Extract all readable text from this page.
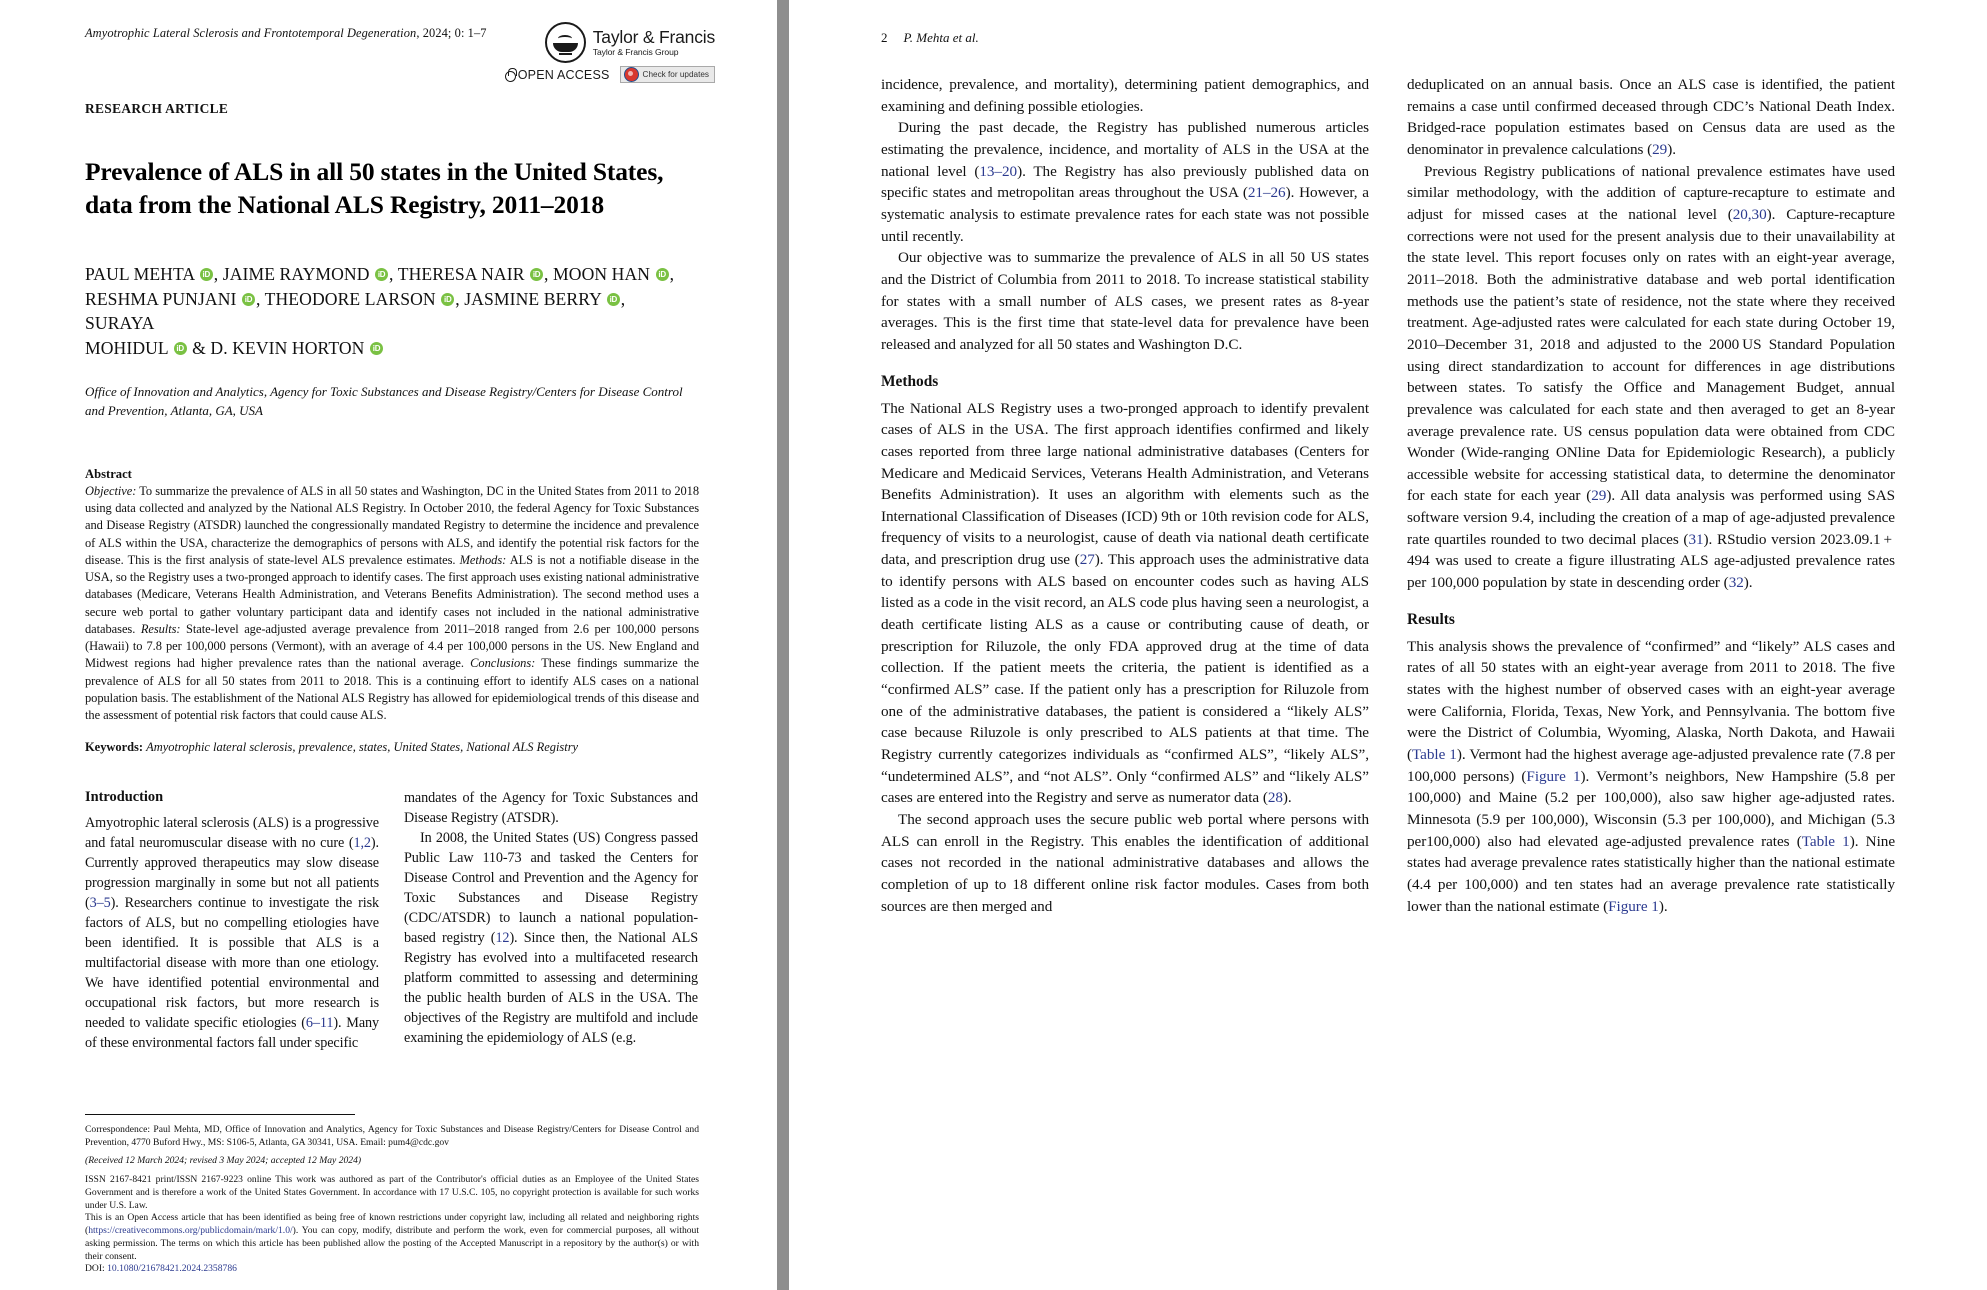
Amyotrophic Lateral Sclerosis and Frontotemporal Degeneration, 2024; 0: 1–7	Taylor & Francis
Taylor & Francis Group
OPEN ACCESS	Check for updates
RESEARCH ARTICLE
Prevalence of ALS in all 50 states in the United States, data from the National ALS Registry, 2011–2018
PAUL MEHTA iD, JAIME RAYMOND iD, THERESA NAIR iD, MOON HAN iD,
RESHMA PUNJANI iD, THEODORE LARSON iD, JASMINE BERRY iD, SURAYA
MOHIDUL iD & D. KEVIN HORTON iD
Office of Innovation and Analytics, Agency for Toxic Substances and Disease Registry/Centers for Disease Control and Prevention, Atlanta, GA, USA
Abstract
Objective: To summarize the prevalence of ALS in all 50 states and Washington, DC in the United States from 2011 to 2018 using data collected and analyzed by the National ALS Registry. In October 2010, the federal Agency for Toxic Substances and Disease Registry (ATSDR) launched the congressionally mandated Registry to determine the incidence and prevalence of ALS within the USA, characterize the demographics of persons with ALS, and identify the potential risk factors for the disease. This is the first analysis of state-level ALS prevalence estimates. Methods: ALS is not a notifiable disease in the USA, so the Registry uses a two-pronged approach to identify cases. The first approach uses existing national administrative databases (Medicare, Veterans Health Administration, and Veterans Benefits Administration). The second method uses a secure web portal to gather voluntary participant data and identify cases not included in the national administrative databases. Results: State-level age-adjusted average prevalence from 2011–2018 ranged from 2.6 per 100,000 persons (Hawaii) to 7.8 per 100,000 persons (Vermont), with an average of 4.4 per 100,000 persons in the US. New England and Midwest regions had higher prevalence rates than the national average. Conclusions: These findings summarize the prevalence of ALS for all 50 states from 2011 to 2018. This is a continuing effort to identify ALS cases on a national population basis. The establishment of the National ALS Registry has allowed for epidemiological trends of this disease and the assessment of potential risk factors that could cause ALS.
Keywords: Amyotrophic lateral sclerosis, prevalence, states, United States, National ALS Registry
Introduction

Amyotrophic lateral sclerosis (ALS) is a progressive and fatal neuromuscular disease with no cure (1,2). Currently approved therapeutics may slow disease progression marginally in some but not all patients (3–5). Researchers continue to investigate the risk factors of ALS, but no compelling etiologies have been identified. It is possible that ALS is a multifactorial disease with more than one etiology. We have identified potential environmental and occupational risk factors, but more research is needed to validate specific etiologies (6–11). Many of these environmental factors fall under specific

mandates of the Agency for Toxic Substances and Disease Registry (ATSDR).

In 2008, the United States (US) Congress passed Public Law 110-73 and tasked the Centers for Disease Control and Prevention and the Agency for Toxic Substances and Disease Registry (CDC/ATSDR) to launch a national population-based registry (12). Since then, the National ALS Registry has evolved into a multifaceted research platform committed to assessing and determining the public health burden of ALS in the USA. The objectives of the Registry are multifold and include examining the epidemiology of ALS (e.g.

Correspondence: Paul Mehta, MD, Office of Innovation and Analytics, Agency for Toxic Substances and Disease Registry/Centers for Disease Control and Prevention, 4770 Buford Hwy., MS: S106-5, Atlanta, GA 30341, USA. Email: pum4@cdc.gov

(Received 12 March 2024; revised 3 May 2024; accepted 12 May 2024)

ISSN 2167-8421 print/ISSN 2167-9223 online This work was authored as part of the Contributor's official duties as an Employee of the United States Government and is therefore a work of the United States Government. In accordance with 17 U.S.C. 105, no copyright protection is available for such works under U.S. Law.

This is an Open Access article that has been identified as being free of known restrictions under copyright law, including all related and neighboring rights (https://creativecommons.org/publicdomain/mark/1.0/). You can copy, modify, distribute and perform the work, even for commercial purposes, all without asking permission. The terms on which this article has been published allow the posting of the Accepted Manuscript in a repository by the author(s) or with their consent.

DOI: 10.1080/21678421.2024.2358786

2 P. Mehta et al.

incidence, prevalence, and mortality), determining patient demographics, and examining and defining possible etiologies.

During the past decade, the Registry has published numerous articles estimating the prevalence, incidence, and mortality of ALS in the USA at the national level (13–20). The Registry has also previously published data on specific states and metropolitan areas throughout the USA (21–26). However, a systematic analysis to estimate prevalence rates for each state was not possible until recently.

Our objective was to summarize the prevalence of ALS in all 50 US states and the District of Columbia from 2011 to 2018. To increase statistical stability for states with a small number of ALS cases, we present rates as 8-year averages. This is the first time that state-level data for prevalence have been released and analyzed for all 50 states and Washington D.C.

Methods

The National ALS Registry uses a two-pronged approach to identify prevalent cases of ALS in the USA. The first approach identifies confirmed and likely cases reported from three large national administrative databases (Centers for Medicare and Medicaid Services, Veterans Health Administration, and Veterans Benefits Administration). It uses an algorithm with elements such as the International Classification of Diseases (ICD) 9th or 10th revision code for ALS, frequency of visits to a neurologist, cause of death via national death certificate data, and prescription drug use (27). This approach uses the administrative data to identify persons with ALS based on encounter codes such as having ALS listed as a code in the visit record, an ALS code plus having seen a neurologist, a death certificate listing ALS as a cause or contributing cause of death, or prescription for Riluzole, the only FDA approved drug at the time of data collection. If the patient meets the criteria, the patient is identified as a “confirmed ALS” case. If the patient only has a prescription for Riluzole from one of the administrative databases, the patient is considered a “likely ALS” case because Riluzole is only prescribed to ALS patients at that time. The Registry currently categorizes individuals as “confirmed ALS”, “likely ALS”, “undetermined ALS”, and “not ALS”. Only “confirmed ALS” and “likely ALS” cases are entered into the Registry and serve as numerator data (28).

The second approach uses the secure public web portal where persons with ALS can enroll in the Registry. This enables the identification of additional cases not recorded in the national administrative databases and allows the completion of up to 18 different online risk factor modules. Cases from both sources are then merged and

deduplicated on an annual basis. Once an ALS case is identified, the patient remains a case until confirmed deceased through CDC’s National Death Index. Bridged-race population estimates based on Census data are used as the denominator in prevalence calculations (29).

Previous Registry publications of national prevalence estimates have used similar methodology, with the addition of capture-recapture to estimate and adjust for missed cases at the national level (20,30). Capture-recapture corrections were not used for the present analysis due to their unavailability at the state level. This report focuses only on rates with an eight-year average, 2011–2018. Both the administrative database and web portal identification methods use the patient’s state of residence, not the state where they received treatment. Age-adjusted rates were calculated for each state during October 19, 2010–December 31, 2018 and adjusted to the 2000 US Standard Population using direct standardization to account for differences in age distributions between states. To satisfy the Office and Management Budget, annual prevalence was calculated for each state and then averaged to get an 8-year average prevalence rate. US census population data were obtained from CDC Wonder (Wide-ranging ONline Data for Epidemiologic Research), a publicly accessible website for accessing statistical data, to determine the denominator for each state for each year (29). All data analysis was performed using SAS software version 9.4, including the creation of a map of age-adjusted prevalence rate quartiles rounded to two decimal places (31). RStudio version 2023.09.1 + 494 was used to create a figure illustrating ALS age-adjusted prevalence rates per 100,000 population by state in descending order (32).

Results

This analysis shows the prevalence of “confirmed” and “likely” ALS cases and rates of all 50 states with an eight-year average from 2011 to 2018. The five states with the highest number of observed cases with an eight-year average were California, Florida, Texas, New York, and Pennsylvania. The bottom five were the District of Columbia, Wyoming, Alaska, North Dakota, and Hawaii (Table 1). Vermont had the highest average age-adjusted prevalence rate (7.8 per 100,000 persons) (Figure 1). Vermont’s neighbors, New Hampshire (5.8 per 100,000) and Maine (5.2 per 100,000), also saw higher age-adjusted rates. Minnesota (5.9 per 100,000), Wisconsin (5.3 per 100,000), and Michigan (5.3 per100,000) also had elevated age-adjusted prevalence rates (Table 1). Nine states had average prevalence rates statistically higher than the national estimate (4.4 per 100,000) and ten states had an average prevalence rate statistically lower than the national estimate (Figure 1).
